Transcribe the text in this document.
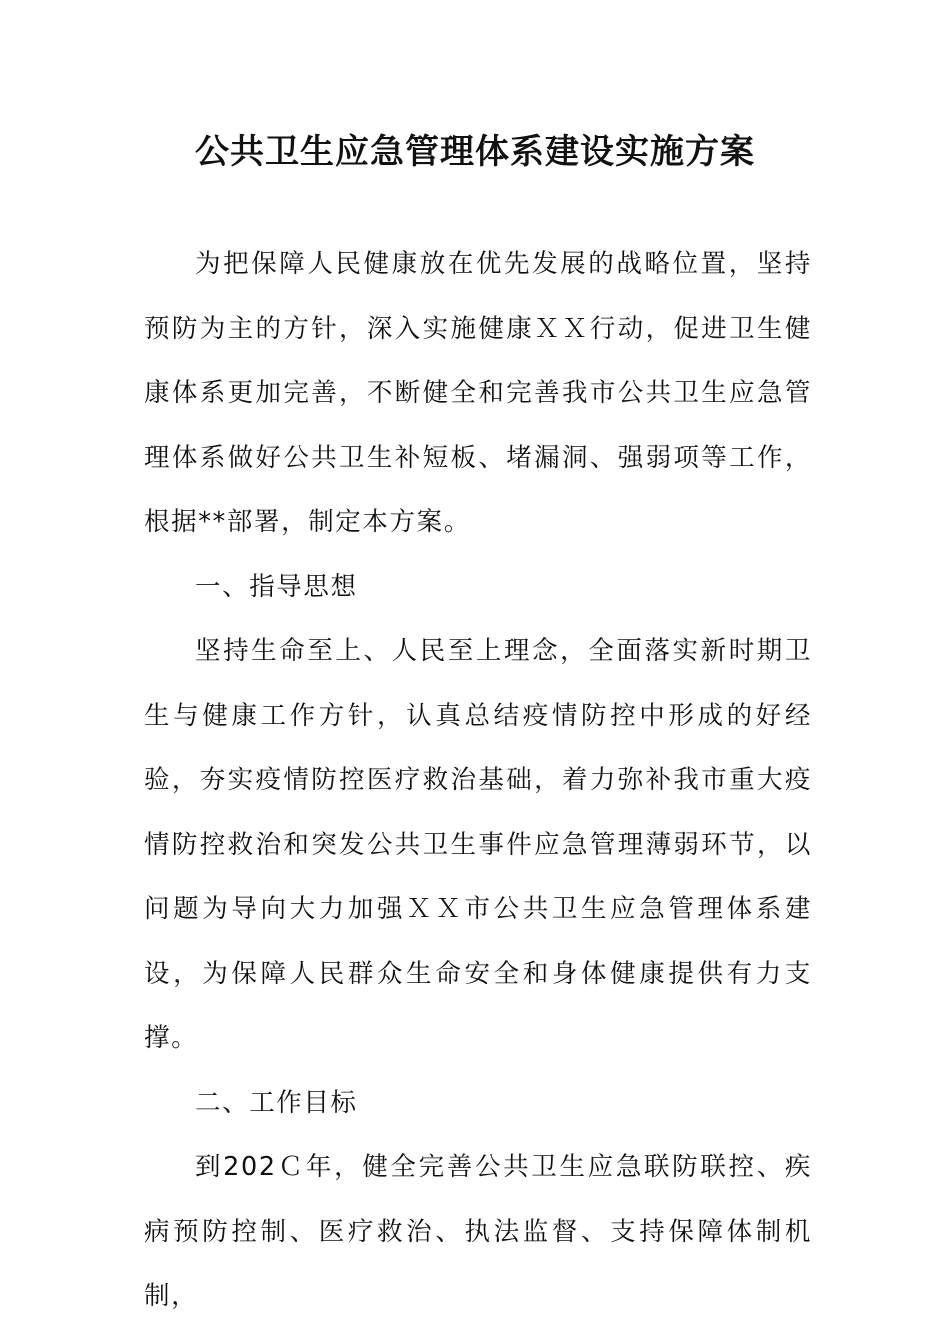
公共卫生应急管理体系建设实施方案

为把保障人民健康放在优先发展的战略位置，坚持预防为主的方针，深入实施健康ＸＸ行动，促进卫生健康体系更加完善，不断健全和完善我市公共卫生应急管理体系做好公共卫生补短板、堵漏洞、强弱项等工作，根据**部署，制定本方案。

一、指导思想

坚持生命至上、人民至上理念，全面落实新时期卫生与健康工作方针，认真总结疫情防控中形成的好经验，夯实疫情防控医疗救治基础，着力弥补我市重大疫情防控救治和突发公共卫生事件应急管理薄弱环节，以问题为导向大力加强ＸＸ市公共卫生应急管理体系建设，为保障人民群众生命安全和身体健康提供有力支撑。

二、工作目标

到202Ｃ年，健全完善公共卫生应急联防联控、疾病预防控制、医疗救治、执法监督、支持保障体制机制，
